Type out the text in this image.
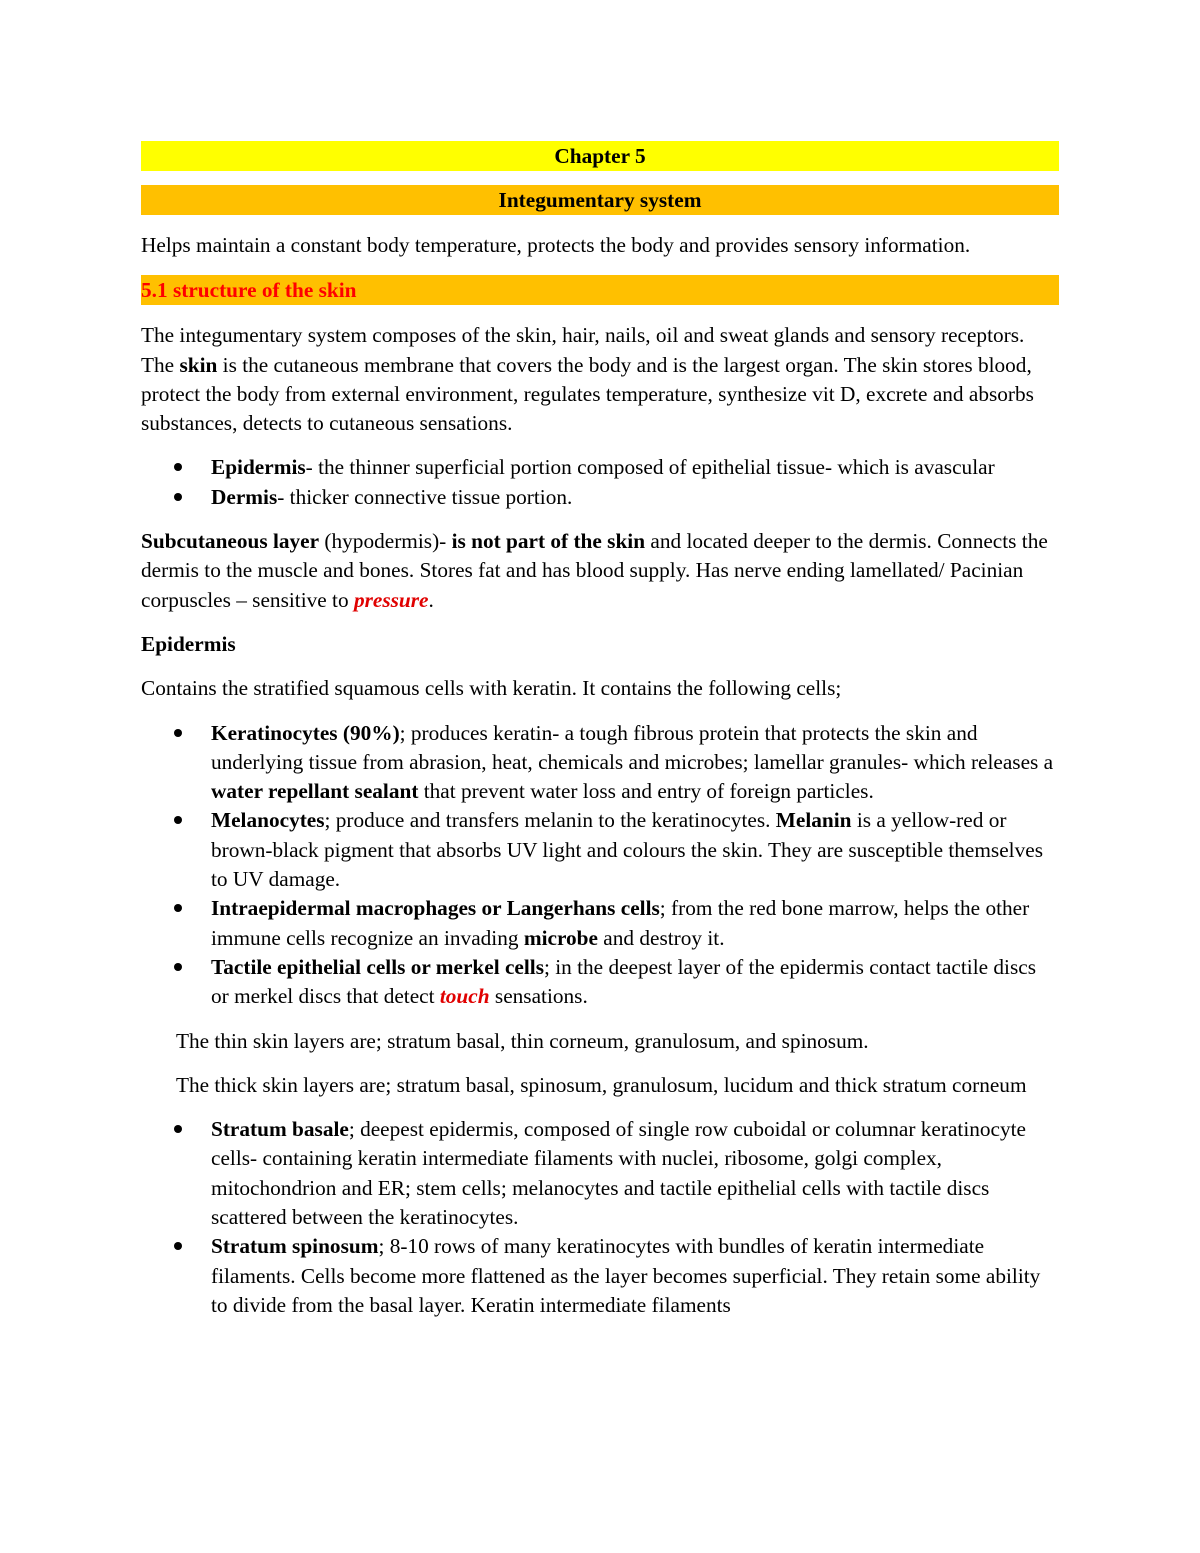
Chapter 5
Integumentary system

Helps maintain a constant body temperature, protects the body and provides sensory information.

5.1 structure of the skin

The integumentary system composes of the skin, hair, nails, oil and sweat glands and sensory receptors. The skin is the cutaneous membrane that covers the body and is the largest organ. The skin stores blood, protect the body from external environment, regulates temperature, synthesize vit D, excrete and absorbs substances, detects to cutaneous sensations.

Epidermis- the thinner superficial portion composed of epithelial tissue- which is avascular
Dermis- thicker connective tissue portion.

Subcutaneous layer (hypodermis)- is not part of the skin and located deeper to the dermis. Connects the dermis to the muscle and bones. Stores fat and has blood supply. Has nerve ending lamellated/ Pacinian corpuscles – sensitive to pressure.

Epidermis

Contains the stratified squamous cells with keratin. It contains the following cells;

Keratinocytes (90%); produces keratin- a tough fibrous protein that protects the skin and underlying tissue from abrasion, heat, chemicals and microbes; lamellar granules- which releases a water repellant sealant that prevent water loss and entry of foreign particles.
Melanocytes; produce and transfers melanin to the keratinocytes. Melanin is a yellow-red or brown-black pigment that absorbs UV light and colours the skin. They are susceptible themselves to UV damage.
Intraepidermal macrophages or Langerhans cells; from the red bone marrow, helps the other immune cells recognize an invading microbe and destroy it.
Tactile epithelial cells or merkel cells; in the deepest layer of the epidermis contact tactile discs or merkel discs that detect touch sensations.

The thin skin layers are; stratum basal, thin corneum, granulosum, and spinosum.

The thick skin layers are; stratum basal, spinosum, granulosum, lucidum and thick stratum corneum

Stratum basale; deepest epidermis, composed of single row cuboidal or columnar keratinocyte cells- containing keratin intermediate filaments with nuclei, ribosome, golgi complex, mitochondrion and ER; stem cells; melanocytes and tactile epithelial cells with tactile discs scattered between the keratinocytes.
Stratum spinosum; 8-10 rows of many keratinocytes with bundles of keratin intermediate filaments. Cells become more flattened as the layer becomes superficial. They retain some ability to divide from the basal layer. Keratin intermediate filaments
